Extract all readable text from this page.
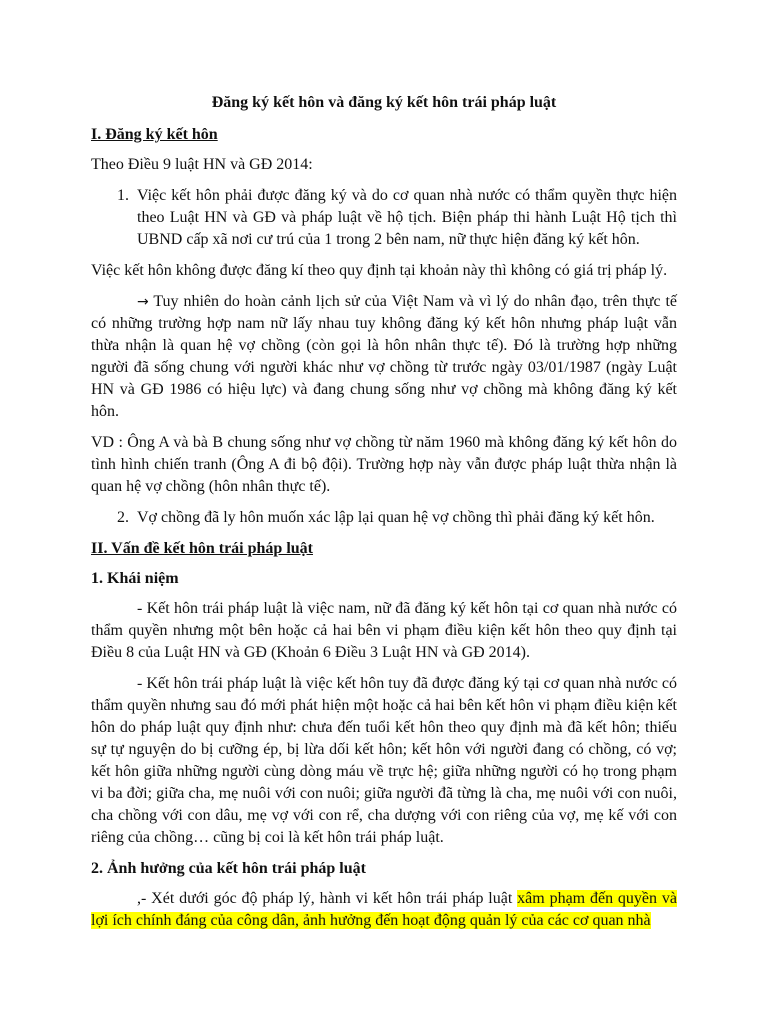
Đăng ký kết hôn và đăng ký kết hôn trái pháp luật
I. Đăng ký kết hôn

Theo Điều 9 luật HN và GĐ 2014:

1. Việc kết hôn phải được đăng ký và do cơ quan nhà nước có thẩm quyền thực hiện theo Luật HN và GĐ và pháp luật về hộ tịch. Biện pháp thi hành Luật Hộ tịch thì UBND cấp xã nơi cư trú của 1 trong 2 bên nam, nữ thực hiện đăng ký kết hôn.

Việc kết hôn không được đăng kí theo quy định tại khoản này thì không có giá trị pháp lý.

→ Tuy nhiên do hoàn cảnh lịch sử của Việt Nam và vì lý do nhân đạo, trên thực tế có những trường hợp nam nữ lấy nhau tuy không đăng ký kết hôn nhưng pháp luật vẫn thừa nhận là quan hệ vợ chồng (còn gọi là hôn nhân thực tế). Đó là trường hợp những người đã sống chung với người khác như vợ chồng từ trước ngày 03/01/1987 (ngày Luật HN và GĐ 1986 có hiệu lực) và đang chung sống như vợ chồng mà không đăng ký kết hôn.

VD : Ông A và bà B chung sống như vợ chồng từ năm 1960 mà không đăng ký kết hôn do tình hình chiến tranh (Ông A đi bộ đội). Trường hợp này vẫn được pháp luật thừa nhận là quan hệ vợ chồng (hôn nhân thực tế).

2. Vợ chồng đã ly hôn muốn xác lập lại quan hệ vợ chồng thì phải đăng ký kết hôn.
II. Vấn đề kết hôn trái pháp luật
1. Khái niệm

- Kết hôn trái pháp luật là việc nam, nữ đã đăng ký kết hôn tại cơ quan nhà nước có thẩm quyền nhưng một bên hoặc cả hai bên vi phạm điều kiện kết hôn theo quy định tại Điều 8 của Luật HN và GĐ (Khoản 6 Điều 3 Luật HN và GĐ 2014).

- Kết hôn trái pháp luật là việc kết hôn tuy đã được đăng ký tại cơ quan nhà nước có thẩm quyền nhưng sau đó mới phát hiện một hoặc cả hai bên kết hôn vi phạm điều kiện kết hôn do pháp luật quy định như: chưa đến tuổi kết hôn theo quy định mà đã kết hôn; thiếu sự tự nguyện do bị cưỡng ép, bị lừa dối kết hôn; kết hôn với người đang có chồng, có vợ; kết hôn giữa những người cùng dòng máu về trực hệ; giữa những người có họ trong phạm vi ba đời; giữa cha, mẹ nuôi với con nuôi; giữa người đã từng là cha, mẹ nuôi với con nuôi, cha chồng với con dâu, mẹ vợ với con rể, cha dượng với con riêng của vợ, mẹ kế với con riêng của chồng… cũng bị coi là kết hôn trái pháp luật.

2. Ảnh hưởng của kết hôn trái pháp luật

,- Xét dưới góc độ pháp lý, hành vi kết hôn trái pháp luật xâm phạm đến quyền và lợi ích chính đáng của công dân, ảnh hưởng đến hoạt động quản lý của các cơ quan nhà
